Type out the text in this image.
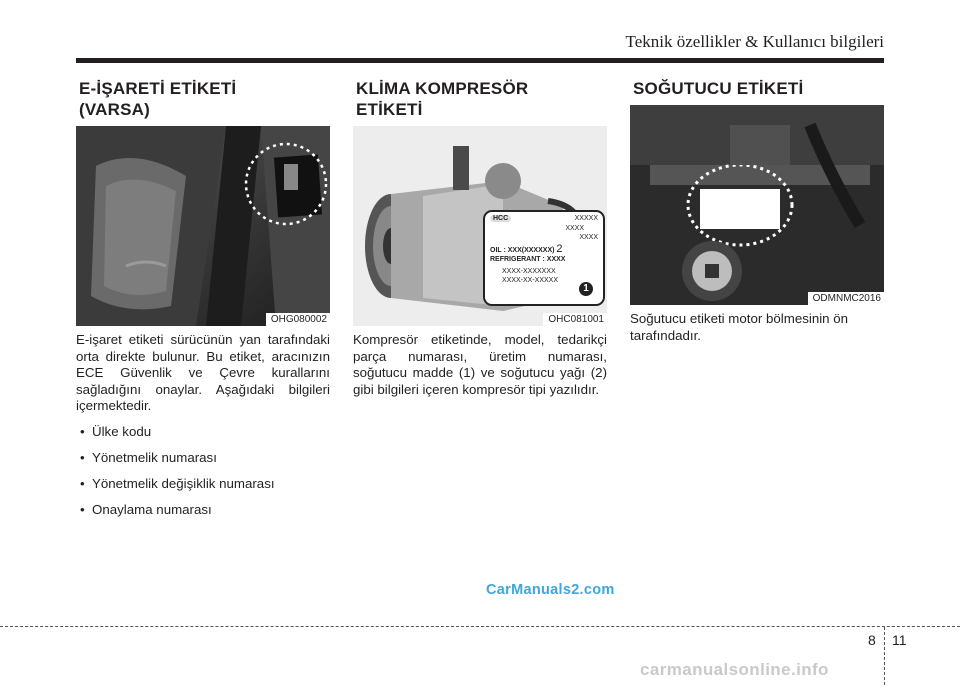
Teknik özellikler & Kullanıcı bilgileri
E-İŞARETİ ETİKETİ
(VARSA)
OHG080002

E-işaret etiketi sürücünün yan tarafındaki orta direkte bulunur. Bu etiket, aracınızın ECE Güvenlik ve Çevre kurallarını sağladığını onaylar. Aşağıdaki bilgileri içermektedir.

• Ülke kodu
• Yönetmelik numarası
• Yönetmelik değişiklik numarası
• Onaylama numarası
KLİMA KOMPRESÖR
ETİKETİ
HCC	XXXXX
XXXX
XXXX
OIL : XXX(XXXXXX) 2
REFRIGERANT : XXXX
XXXX-XXXXXXX
XXXX-XX-XXXXX
1
OHC081001

Kompresör etiketinde, model, tedarikçi parça numarası, üretim numarası, soğutucu madde (1) ve soğutucu yağı (2) gibi bilgileri içeren kompresör tipi yazılıdır.

SOĞUTUCU ETİKETİ
ODMNMC2016

Soğutucu etiketi motor bölmesinin ön tarafındadır.

CarManuals2.com
8 11
carmanualsonline.info
